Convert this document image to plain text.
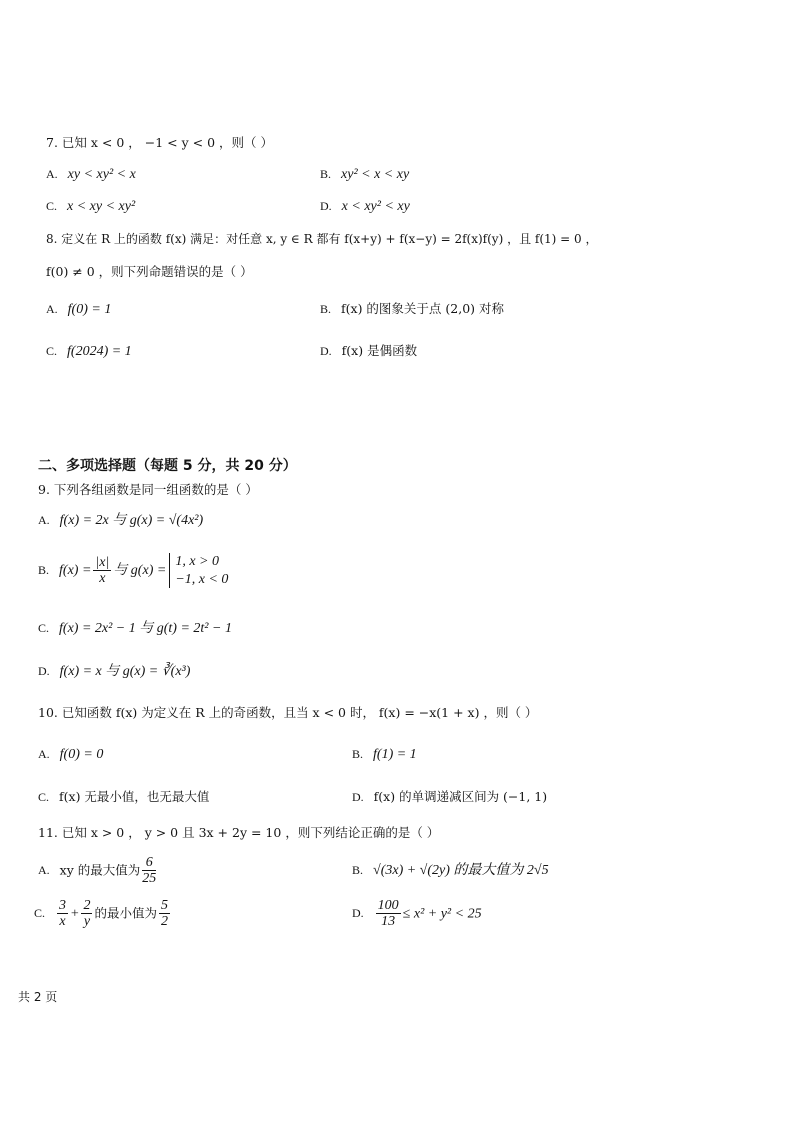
7. 已知 x < 0 ， −1 < y < 0 ，则（ ）
A. xy < xy² < x	B. xy² < x < xy
C. x < xy < xy²	D. x < xy² < xy
8. 定义在 R 上的函数 f(x) 满足：对任意 x, y ∈ R 都有 f(x+y) + f(x−y) = 2f(x)f(y) ，且 f(1) = 0 ，
f(0) ≠ 0 ，则下列命题错误的是（ ）
A. f(0) = 1	B. f(x) 的图象关于点 (2,0) 对称
C. f(2024) = 1	D. f(x) 是偶函数
二、多项选择题（每题 5 分，共 20 分）
9. 下列各组函数是同一组函数的是（ ）
A. f(x) = 2x 与 g(x) = √(4x²)
B. $f(x) = \frac{|x|}{x}$ 与 g(x) =
1, x > 0
−1, x < 0
C. f(x) = 2x² − 1 与 g(t) = 2t² − 1
D. f(x) = x 与 g(x) = ∛(x³)
10. 已知函数 f(x) 为定义在 R 上的奇函数，且当 x < 0 时， f(x) = −x(1 + x) ，则（ ）
A. f(0) = 0	B. f(1) = 1
C. f(x) 无最小值，也无最大值	D. f(x) 的单调递减区间为 (−1, 1)
11. 已知 x > 0 ， y > 0 且 3x + 2y = 10 ，则下列结论正确的是（ ）
A. xy 的最大值为 $\frac{6}{25}$	B. √(3x) + √(2y) 的最大值为 2√5
C. $\frac{3}{x} + \frac{2}{y}$ 的最小值为 $\frac{5}{2}$	D. $\frac{100}{13} \le x^2 + y^2 < 25$
共 2 页
